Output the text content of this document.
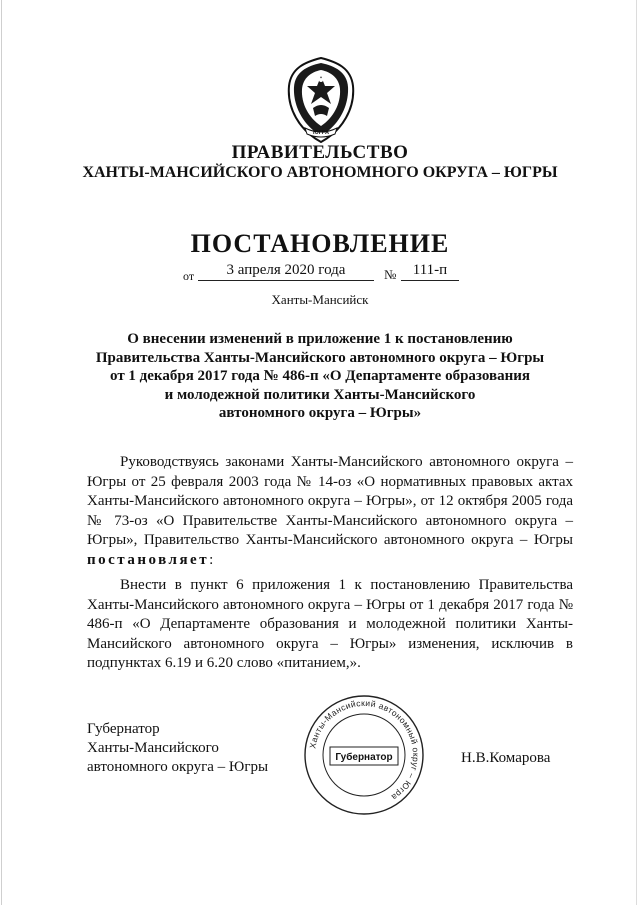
ЮГРА
ПРАВИТЕЛЬСТВО
ХАНТЫ-МАНСИЙСКОГО АВТОНОМНОГО ОКРУГА – ЮГРЫ
ПОСТАНОВЛЕНИЕ
от	3 апреля 2020 года	№	111-п
Ханты-Мансийск
О внесении изменений в приложение 1 к постановлению
Правительства Ханты-Мансийского автономного округа – Югры
от 1 декабря 2017 года № 486-п «О Департаменте образования
и молодежной политики Ханты-Мансийского
автономного округа – Югры»

Руководствуясь законами Ханты-Мансийского автономного округа – Югры от 25 февраля 2003 года № 14-оз «О нормативных правовых актах Ханты-Мансийского автономного округа – Югры», от 12 октября 2005 года № 73-оз «О Правительстве Ханты-Мансийского автономного округа – Югры», Правительство Ханты-Мансийского автономного округа – Югры постановляет:

Внести в пункт 6 приложения 1 к постановлению Правительства Ханты-Мансийского автономного округа – Югры от 1 декабря 2017 года № 486-п «О Департаменте образования и молодежной политики Ханты-Мансийского автономного округа – Югры» изменения, исключив в подпунктах 6.19 и 6.20 слово «питанием,».

Губернатор
Ханты-Мансийского
автономного округа – Югры
Ханты-Мансийский автономный округ – Югра
Губернатор	Н.В.Комарова
